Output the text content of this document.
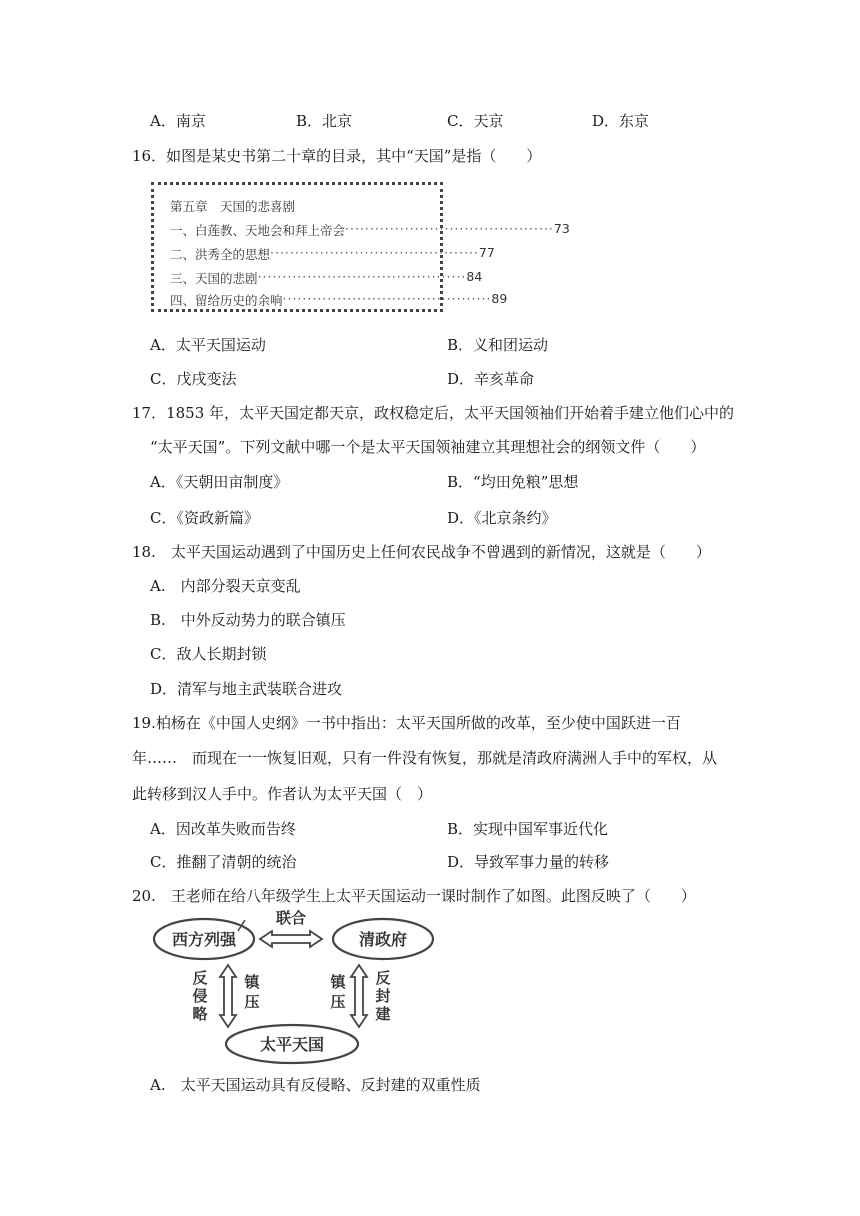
A．南京	B．北京	C．天京	D．东京
16．如图是某史书第二十章的目录，其中“天国”是指（　　）
第五章　天国的悲喜剧
一、白莲教、天地会和拜上帝会 ·········································· 73
二、洪秀全的思想 ·········································· 77
三、天国的悲剧 ·········································· 84
四、留给历史的余响 ·········································· 89
A．太平天国运动	B．义和团运动
C．戊戌变法	D．辛亥革命
17．1853 年，太平天国定都天京，政权稳定后，太平天国领袖们开始着手建立他们心中的
“太平天国”。下列文献中哪一个是太平天国领袖建立其理想社会的纲领文件（　　）
A．《天朝田亩制度》	B．“均田免粮”思想
C．《资政新篇》	D．《北京条约》
18.　太平天国运动遇到了中国历史上任何农民战争不曾遇到的新情况，这就是（　　）
A.　内部分裂天京变乱
B.　中外反动势力的联合镇压
C．敌人长期封锁
D．清军与地主武装联合进攻
19.柏杨在《中国人史纲》一书中指出：太平天国所做的改革，至少使中国跃进一百
年……　而现在一一恢复旧观，只有一件没有恢复，那就是清政府满洲人手中的军权，从
此转移到汉人手中。作者认为太平天国（　）
A．因改革失败而告终	B．实现中国军事近代化
C．推翻了清朝的统治	D．导致军事力量的转移
20.　王老师在给八年级学生上太平天国运动一课时制作了如图。此图反映了（　　）
西方列强	清政府
太平天国
联合
反
侵
略
镇
压
镇
压
反
封
建
A.　太平天国运动具有反侵略、反封建的双重性质
